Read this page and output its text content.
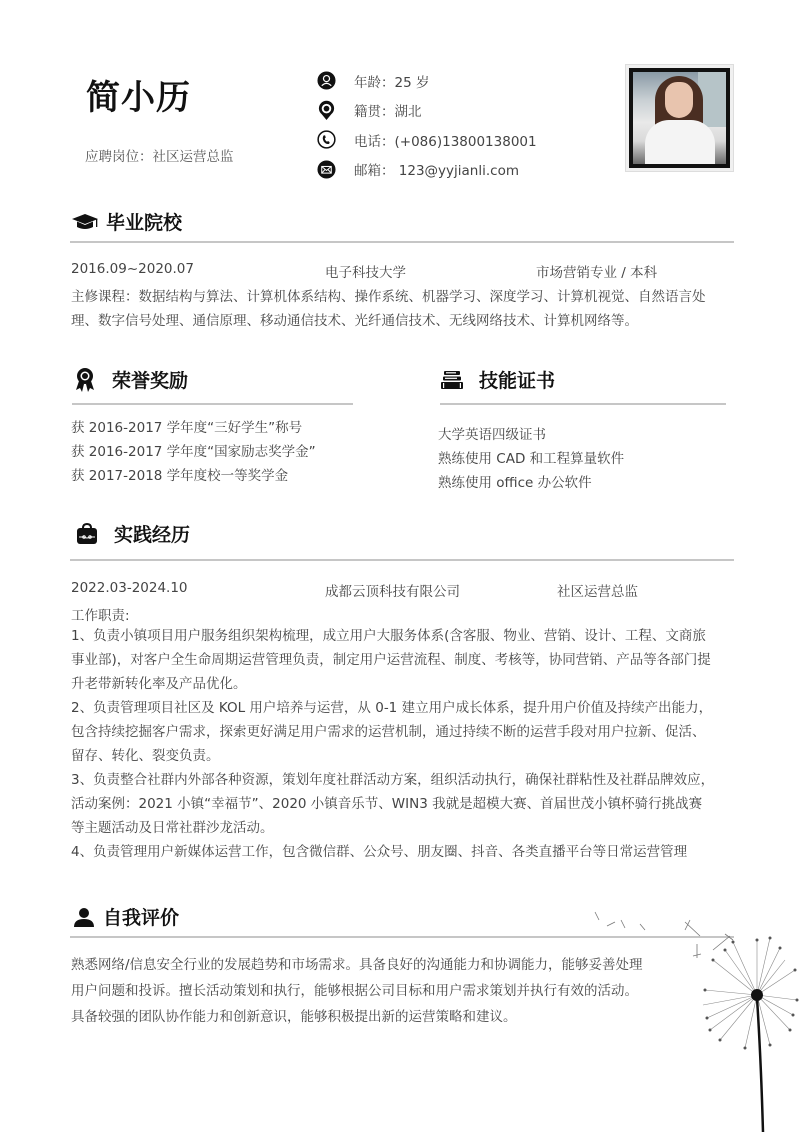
简小历
应聘岗位：社区运营总监
年龄：25 岁
籍贯：湖北
电话：(+086)13800138001
邮箱： 123@yyjianli.com
毕业院校
2016.09~2020.07	电子科技大学	市场营销专业 / 本科
主修课程：数据结构与算法、计算机体系结构、操作系统、机器学习、深度学习、计算机视觉、自然语言处
理、数字信号处理、通信原理、移动通信技术、光纤通信技术、无线网络技术、计算机网络等。
荣誉奖励
获 2016-2017 学年度“三好学生”称号
获 2016-2017 学年度“国家励志奖学金”
获 2017-2018 学年度校一等奖学金
技能证书
大学英语四级证书
熟练使用 CAD 和工程算量软件
熟练使用 office 办公软件
实践经历
2022.03-2024.10	成都云顶科技有限公司	社区运营总监
工作职责:
1、负责小镇项目用户服务组织架构梳理，成立用户大服务体系(含客服、物业、营销、设计、工程、文商旅
事业部)，对客户全生命周期运营管理负责，制定用户运营流程、制度、考核等，协同营销、产品等各部门提
升老带新转化率及产品优化。
2、负责管理项目社区及 KOL 用户培养与运营，从 0-1 建立用户成长体系，提升用户价值及持续产出能力，
包含持续挖掘客户需求，探索更好满足用户需求的运营机制，通过持续不断的运营手段对用户拉新、促活、
留存、转化、裂变负责。
3、负责整合社群内外部各种资源，策划年度社群活动方案，组织活动执行，确保社群粘性及社群品牌效应，
活动案例：2021 小镇“幸福节”、2020 小镇音乐节、WIN3 我就是超模大赛、首届世茂小镇杯骑行挑战赛
等主题活动及日常社群沙龙活动。
4、负责管理用户新媒体运营工作，包含微信群、公众号、朋友圈、抖音、各类直播平台等日常运营管理
自我评价
熟悉网络/信息安全行业的发展趋势和市场需求。具备良好的沟通能力和协调能力，能够妥善处理
用户问题和投诉。擅长活动策划和执行，能够根据公司目标和用户需求策划并执行有效的活动。
具备较强的团队协作能力和创新意识，能够积极提出新的运营策略和建议。
